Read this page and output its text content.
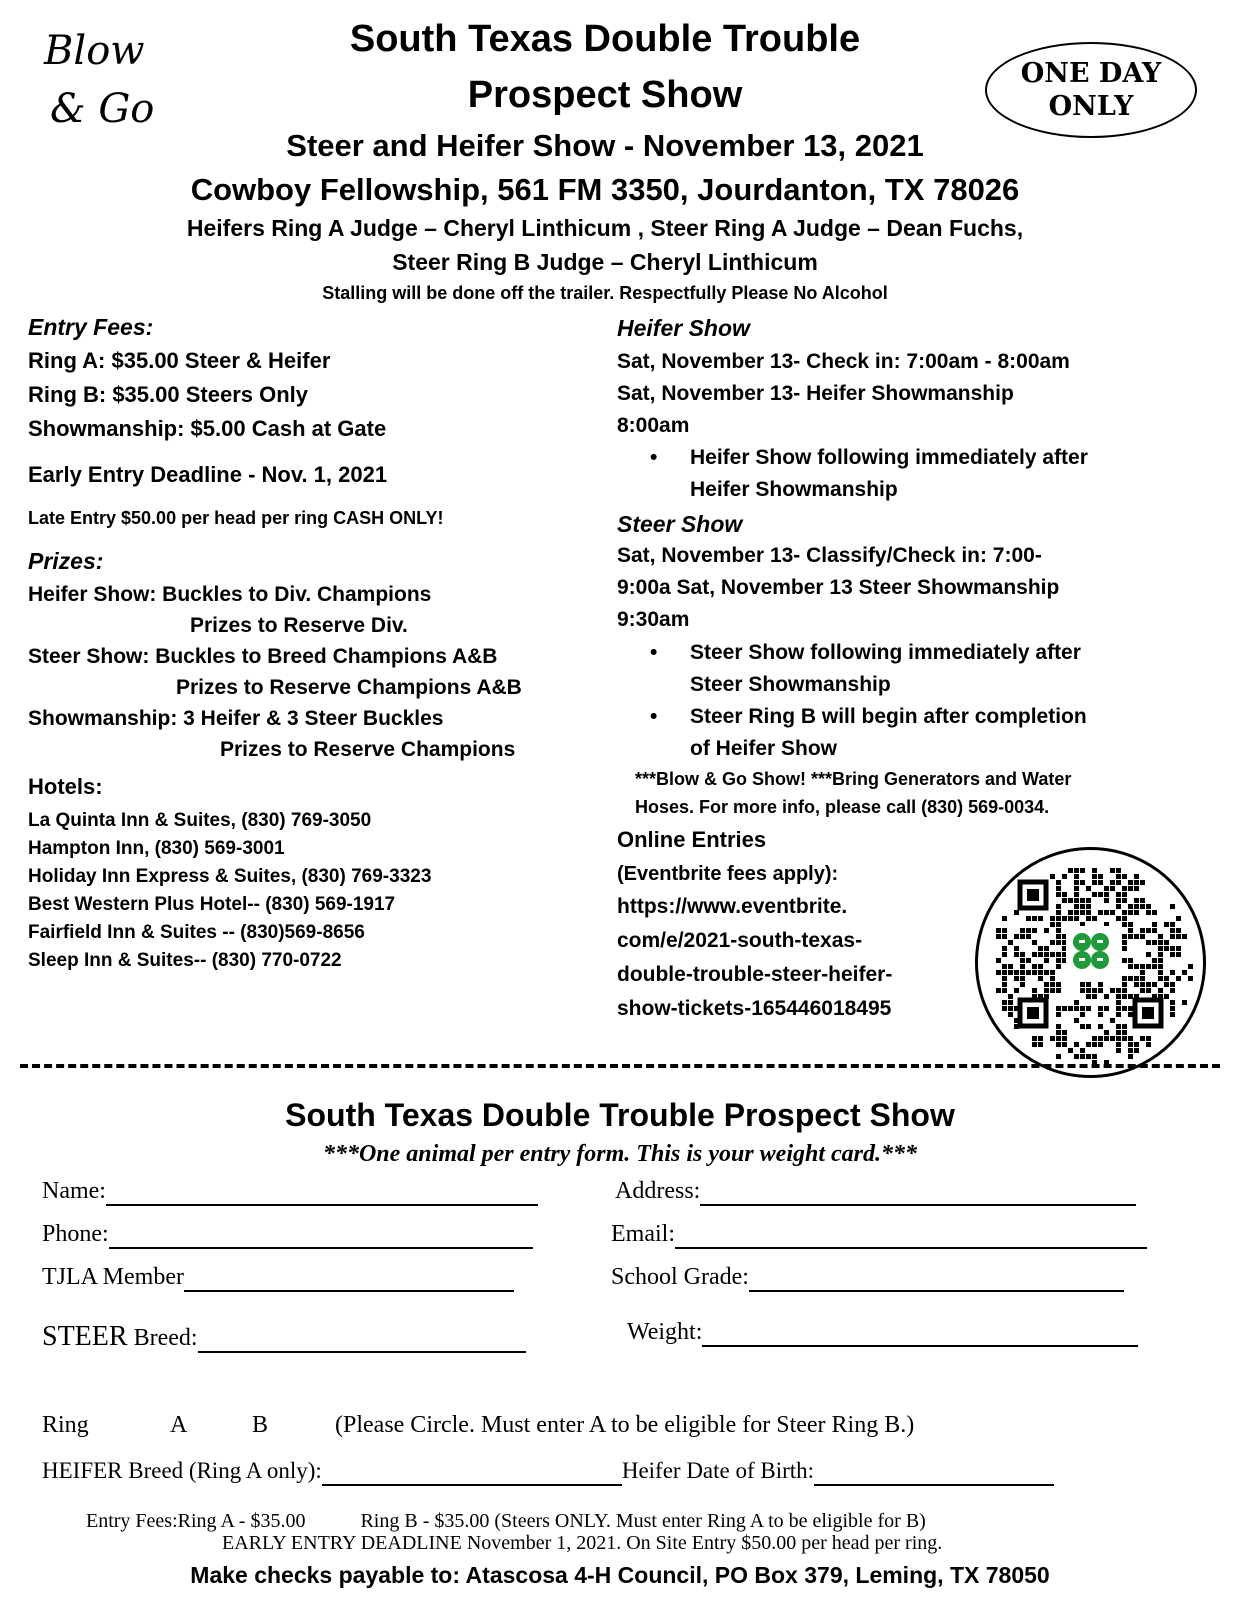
Blow
& Go
South Texas Double Trouble
Prospect Show
ONE DAY
ONLY
Steer and Heifer Show - November 13, 2021
Cowboy Fellowship, 561 FM 3350, Jourdanton, TX 78026
Heifers Ring A Judge – Cheryl Linthicum , Steer Ring A Judge – Dean Fuchs,
Steer Ring B Judge – Cheryl Linthicum
Stalling will be done off the trailer. Respectfully Please No Alcohol
Entry Fees:
Ring A: $35.00 Steer & Heifer
Ring B: $35.00 Steers Only
Showmanship: $5.00 Cash at Gate
Early Entry Deadline - Nov. 1, 2021
Late Entry $50.00 per head per ring CASH ONLY!
Prizes:
Heifer Show: Buckles to Div. Champions
Prizes to Reserve Div.
Steer Show: Buckles to Breed Champions A&B
Prizes to Reserve Champions A&B
Showmanship: 3 Heifer & 3 Steer Buckles
Prizes to Reserve Champions
Hotels:
La Quinta Inn & Suites, (830) 769-3050
Hampton Inn, (830) 569-3001
Holiday Inn Express & Suites, (830) 769-3323
Best Western Plus Hotel-- (830) 569-1917
Fairfield Inn & Suites -- (830)569-8656
Sleep Inn & Suites-- (830) 770-0722
Heifer Show
Sat, November 13- Check in: 7:00am - 8:00am
Sat, November 13- Heifer Showmanship
8:00am
• Heifer Show following immediately after
Heifer Showmanship
Steer Show
Sat, November 13- Classify/Check in: 7:00-
9:00a Sat, November 13 Steer Showmanship
9:30am
• Steer Show following immediately after
Steer Showmanship
• Steer Ring B will begin after completion
of Heifer Show
***Blow & Go Show! ***Bring Generators and Water
Hoses. For more info, please call (830) 569-0034.
Online Entries
(Eventbrite fees apply):
https://www.eventbrite.
com/e/2021-south-texas-
double-trouble-steer-heifer-
show-tickets-165446018495
South Texas Double Trouble Prospect Show
***One animal per entry form. This is your weight card.***
Name:	Address:
Phone:	Email:
TJLA Member	School Grade:
STEER Breed:	Weight:
Ring	A	B	(Please Circle. Must enter A to be eligible for Steer Ring B.)
HEIFER Breed (Ring A only):	Heifer Date of Birth:
Entry Fees:Ring A - $35.00	Ring B - $35.00 (Steers ONLY. Must enter Ring A to be eligible for B)
EARLY ENTRY DEADLINE November 1, 2021. On Site Entry $50.00 per head per ring.
Make checks payable to: Atascosa 4-H Council, PO Box 379, Leming, TX 78050
